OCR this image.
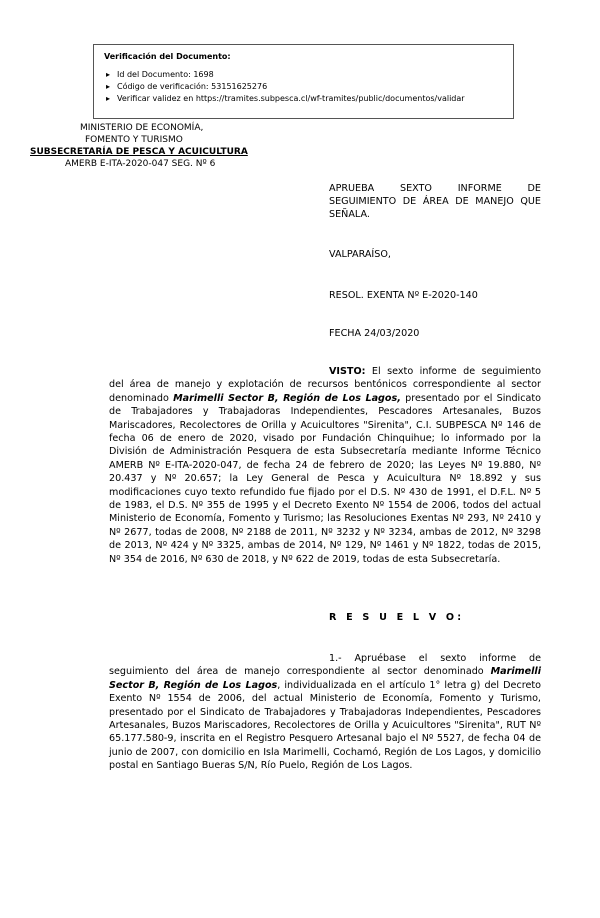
Verificación del Documento:
▸ Id del Documento: 1698
▸ Código de verificación: 53151625276
▸ Verificar validez en https://tramites.subpesca.cl/wf-tramites/public/documentos/validar
MINISTERIO DE ECONOMÍA,
FOMENTO Y TURISMO
SUBSECRETARÍA DE PESCA Y ACUICULTURA
AMERB E-ITA-2020-047 SEG. Nº 6
APRUEBA SEXTO INFORME DE SEGUIMIENTO DE ÁREA DE MANEJO QUE SEÑALA.
VALPARAÍSO,
RESOL. EXENTA Nº E-2020-140
FECHA 24/03/2020
VISTO: El sexto informe de seguimiento del área de manejo y explotación de recursos bentónicos correspondiente al sector denominado Marimelli Sector B, Región de Los Lagos, presentado por el Sindicato de Trabajadores y Trabajadoras Independientes, Pescadores Artesanales, Buzos Mariscadores, Recolectores de Orilla y Acuicultores "Sirenita", C.I. SUBPESCA Nº 146 de fecha 06 de enero de 2020, visado por Fundación Chinquihue; lo informado por la División de Administración Pesquera de esta Subsecretaría mediante Informe Técnico AMERB Nº E-ITA-2020-047, de fecha 24 de febrero de 2020; las Leyes Nº 19.880, Nº 20.437 y Nº 20.657; la Ley General de Pesca y Acuicultura Nº 18.892 y sus modificaciones cuyo texto refundido fue fijado por el D.S. Nº 430 de 1991, el D.F.L. Nº 5 de 1983, el D.S. Nº 355 de 1995 y el Decreto Exento Nº 1554 de 2006, todos del actual Ministerio de Economía, Fomento y Turismo; las Resoluciones Exentas Nº 293, Nº 2410 y Nº 2677, todas de 2008, Nº 2188 de 2011, Nº 3232 y Nº 3234, ambas de 2012, Nº 3298 de 2013, Nº 424 y Nº 3325, ambas de 2014, Nº 129, Nº 1461 y Nº 1822, todas de 2015, Nº 354 de 2016, Nº 630 de 2018, y Nº 622 de 2019, todas de esta Subsecretaría.
R E S U E L V O:
1.- Apruébase el sexto informe de seguimiento del área de manejo correspondiente al sector denominado Marimelli Sector B, Región de Los Lagos, individualizada en el artículo 1° letra g) del Decreto Exento Nº 1554 de 2006, del actual Ministerio de Economía, Fomento y Turismo, presentado por el Sindicato de Trabajadores y Trabajadoras Independientes, Pescadores Artesanales, Buzos Mariscadores, Recolectores de Orilla y Acuicultores "Sirenita", RUT Nº 65.177.580-9, inscrita en el Registro Pesquero Artesanal bajo el Nº 5527, de fecha 04 de junio de 2007, con domicilio en Isla Marimelli, Cochamó, Región de Los Lagos, y domicilio postal en Santiago Bueras S/N, Río Puelo, Región de Los Lagos.
